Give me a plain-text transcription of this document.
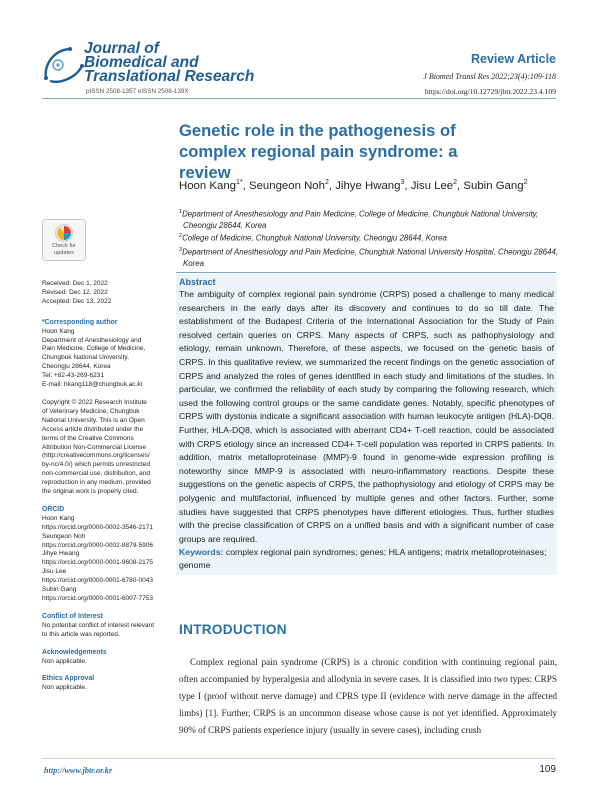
Journal of
Biomedical and
Translational Research
pISSN 2508-1357 eISSN 2508-139X
Review Article
J Biomed Transl Res 2022;23(4):109-118
https://doi.org/10.12729/jbtr.2022.23.4.109
Genetic role in the pathogenesis of complex regional pain syndrome: a review
Hoon Kang$^{1*}$, Seungeon Noh$^2$, Jihye Hwang$^3$, Jisu Lee$^2$, Subin Gang$^2$
$^1$Department of Anesthesiology and Pain Medicine, College of Medicine, Chungbuk National University, Cheongju 28644, Korea
$^2$College of Medicine, Chungbuk National University, Cheongju 28644, Korea
$^3$Department of Anesthesiology and Pain Medicine, Chungbuk National University Hospital, Cheongju 28644, Korea
Check for
updates
Received: Dec 1, 2022
Revised: Dec 12, 2022
Accepted: Dec 13, 2022
*Corresponding author
Hoon Kang
Department of Anesthesiology and
Pain Medicine, College of Medicine,
Chungbuk National University,
Cheongju 28644, Korea
Tel: +82-43-269-6231
E-mail: hkang118@chungbuk.ac.kr
Copyright © 2022 Research Institute
of Veterinary Medicine, Chungbuk
National University. This is an Open
Access article distributed under the
terms of the Creative Commons
Attribution Non-Commercial License
(http://creativecommons.org/licenses/
by-nc/4.0/) which permits unrestricted
non-commercial use, distribution, and
reproduction in any medium, provided
the original work is properly cited.
ORCID
Hoon Kang
https://orcid.org/0000-0002-3546-2171
Seungeon Noh
https://orcid.org/0000-0002-8879-5906
Jihye Hwang
https://orcid.org/0000-0001-9608-2175
Jisu Lee
https://orcid.org/0000-0001-6780-0043
Subin Gang
https://orcid.org/0000-0001-6007-7753
Conflict of Interest
No potential conflict of interest relevant
to this article was reported.
Acknowledgements
Non applicable.
Ethics Approval
Non applicable.
Abstract
The ambiguity of complex regional pain syndrome (CRPS) posed a challenge to many medical researchers in the early days after its discovery and continues to do so till date. The establishment of the Budapest Criteria of the International Association for the Study of Pain resolved certain queries on CRPS. Many aspects of CRPS, such as pathophysiology and etiology, remain unknown. Therefore, of these aspects, we focused on the genetic basis of CRPS. In this qualitative review, we summarized the recent findings on the genetic association of CRPS and analyzed the roles of genes identified in each study and limitations of the studies. In particular, we confirmed the reliability of each study by comparing the following research, which used the following control groups or the same candidate genes. Notably, specific phenotypes of CRPS with dystonia indicate a significant association with human leukocyte antigen (HLA)-DQ8. Further, HLA-DQ8, which is associated with aberrant CD4+ T-cell reaction, could be associated with CRPS etiology since an increased CD4+ T-cell population was reported in CRPS patients. In addition, matrix metalloproteinase (MMP)-9 found in genome-wide expression profiling is noteworthy since MMP-9 is associated with neuro-inflammatory reactions. Despite these suggestions on the genetic aspects of CRPS, the pathophysiology and etiology of CRPS may be polygenic and multifactorial, influenced by multiple genes and other factors. Further, some studies have suggested that CRPS phenotypes have different etiologies. Thus, further studies with the precise classification of CRPS on a unified basis and with a significant number of case groups are required.
Keywords: complex regional pain syndromes; genes; HLA antigens; matrix metalloproteinases; genome
INTRODUCTION
Complex regional pain syndrome (CRPS) is a chronic condition with continuing regional pain, often accompanied by hyperalgesia and allodynia in severe cases. It is classified into two types: CRPS type I (proof without nerve damage) and CPRS type II (evidence with nerve damage in the affected limbs) [1]. Further, CRPS is an uncommon disease whose cause is not yet identified. Approximately 90% of CRPS patients experience injury (usually in severe cases), including crush
http://www.jbtr.or.kr	109
